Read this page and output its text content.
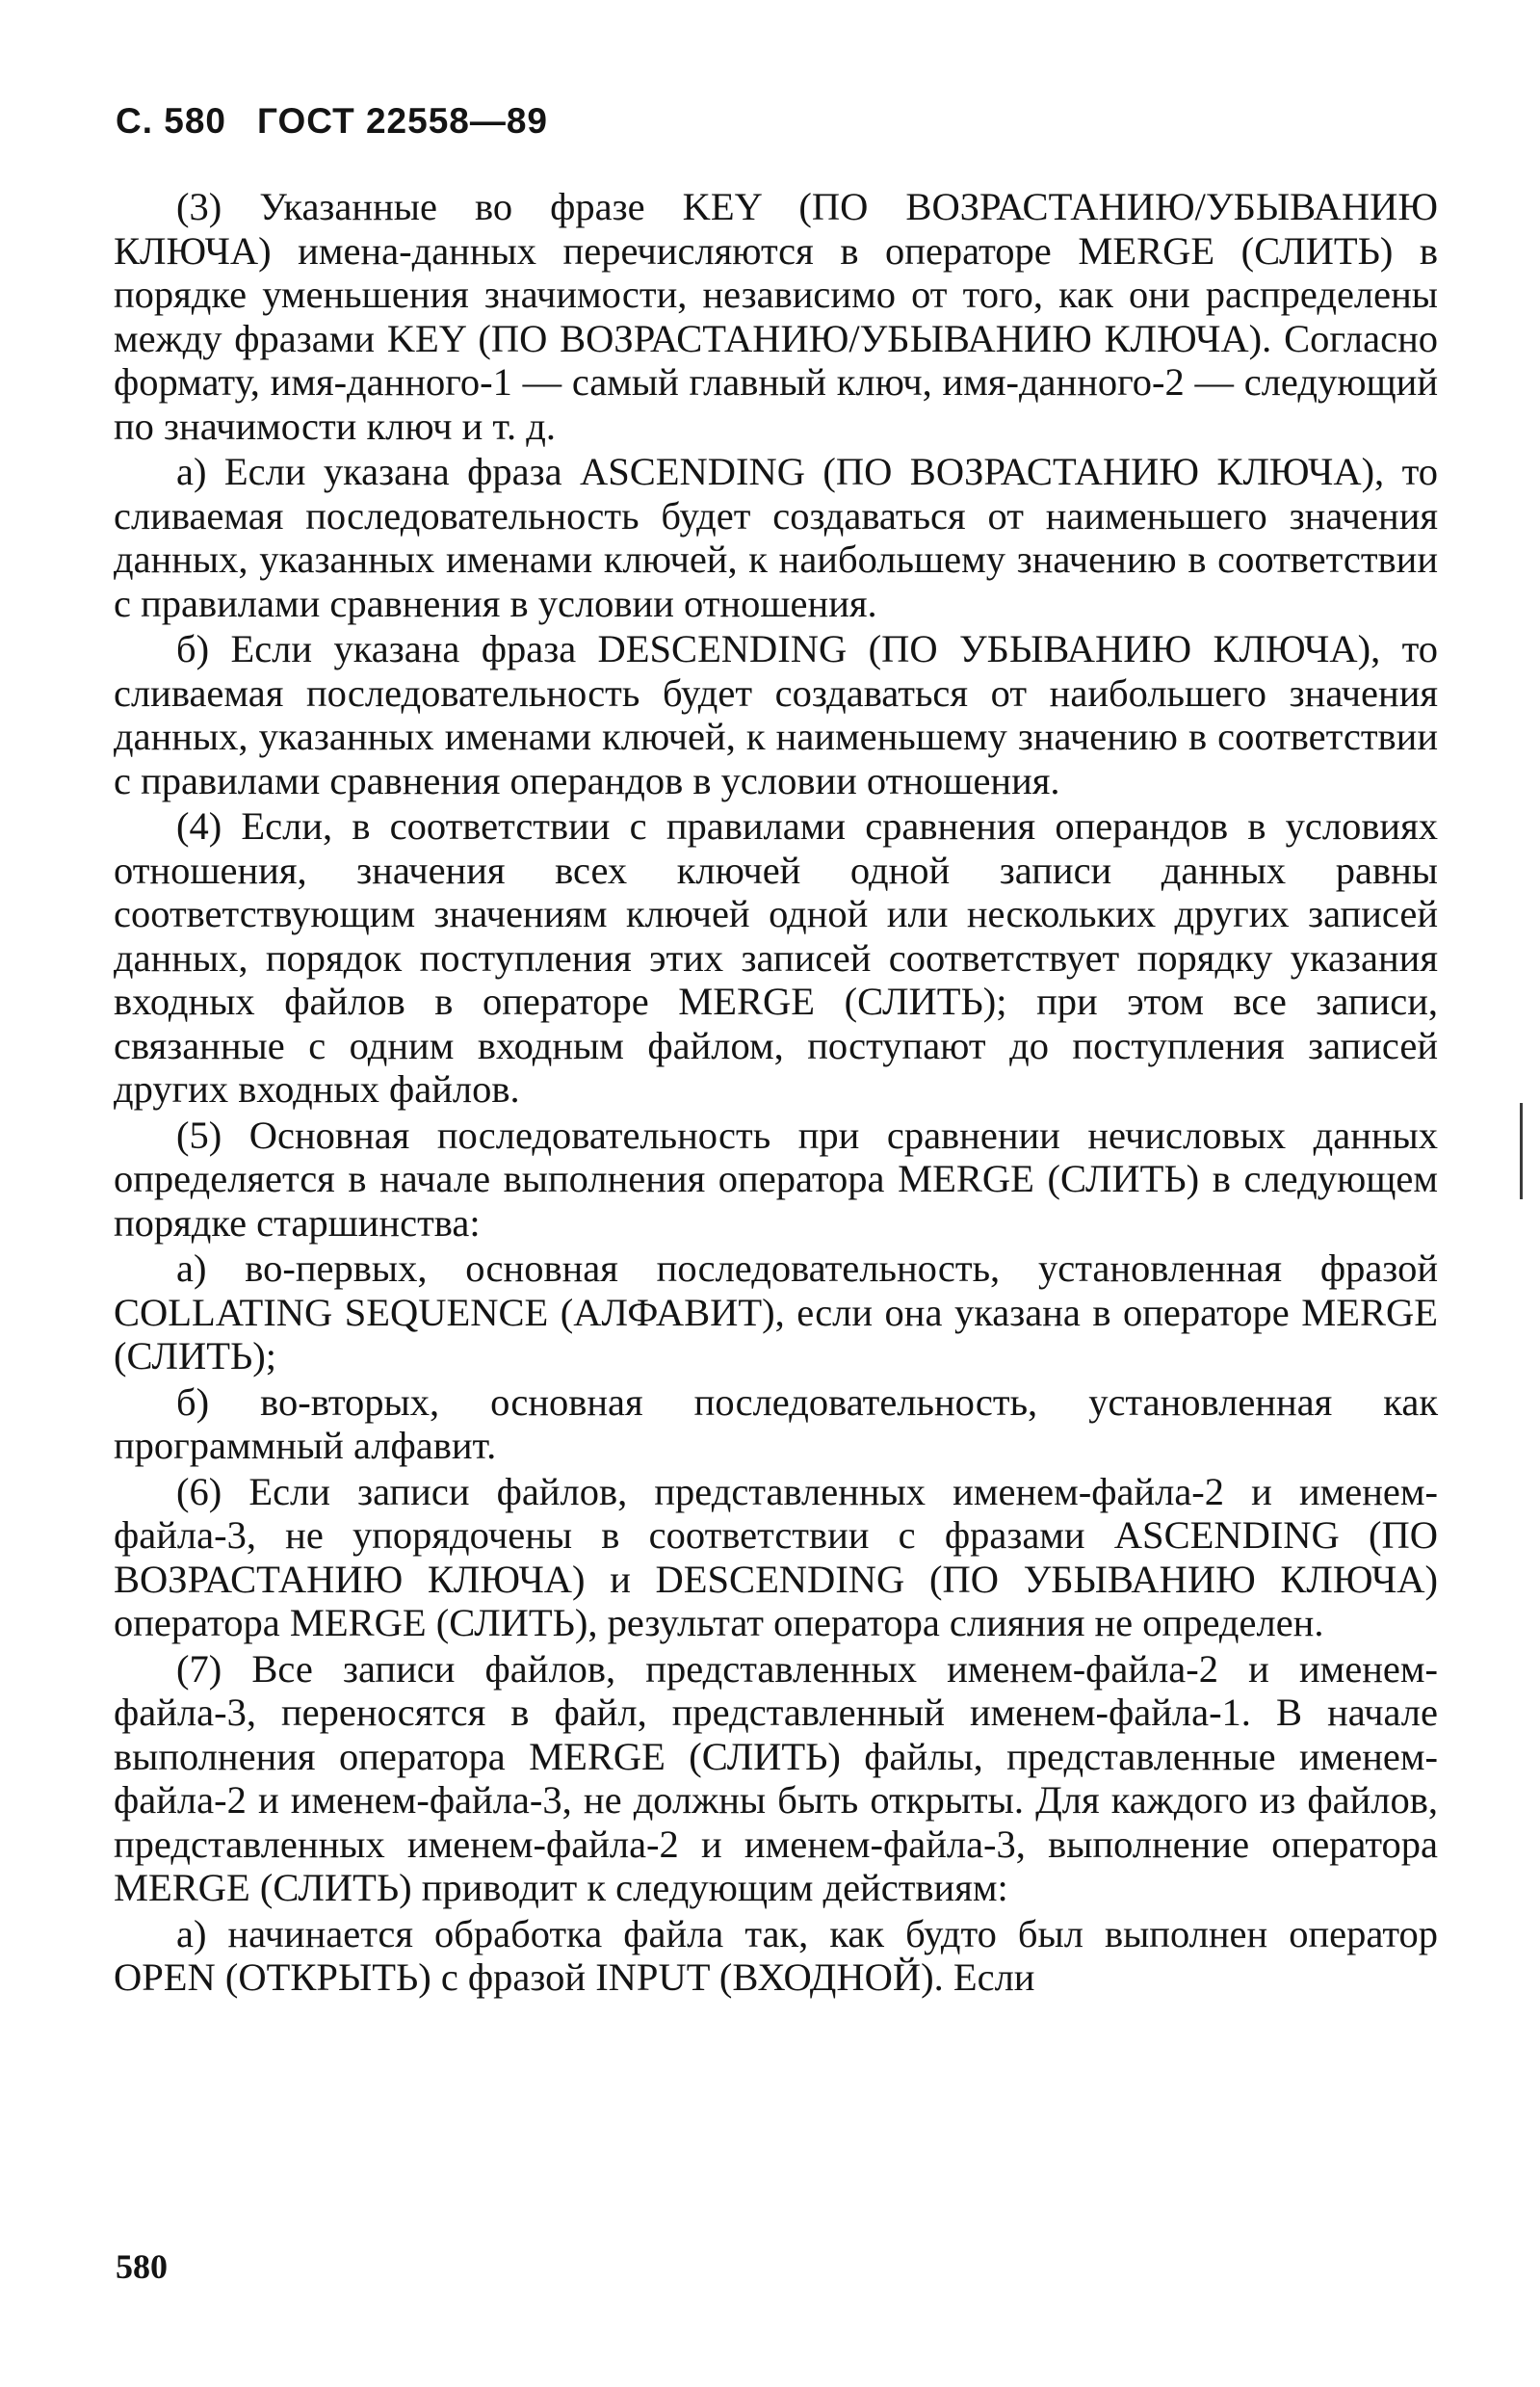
С. 580 ГОСТ 22558—89

(3) Указанные во фразе KEY (ПО ВОЗРАСТАНИЮ/УБЫВАНИЮ КЛЮЧА) имена-данных перечисляются в операторе MERGE (СЛИТЬ) в порядке уменьшения значимости, независимо от того, как они распределены между фразами KEY (ПО ВОЗРАСТАНИЮ/УБЫВАНИЮ КЛЮЧА). Согласно формату, имя-данного-1 — самый главный ключ, имя-данного-2 — следующий по значимости ключ и т. д.

а) Если указана фраза ASCENDING (ПО ВОЗРАСТАНИЮ КЛЮЧА), то сливаемая последовательность будет создаваться от наименьшего значения данных, указанных именами ключей, к наибольшему значению в соответствии с правилами сравнения в условии отношения.

б) Если указана фраза DESCENDING (ПО УБЫВАНИЮ КЛЮЧА), то сливаемая последовательность будет создаваться от наибольшего значения данных, указанных именами ключей, к наименьшему значению в соответствии с правилами сравнения операндов в условии отношения.

(4) Если, в соответствии с правилами сравнения операндов в условиях отношения, значения всех ключей одной записи данных равны соответствующим значениям ключей одной или нескольких других записей данных, порядок поступления этих записей соответствует порядку указания входных файлов в операторе MERGE (СЛИТЬ); при этом все записи, связанные с одним входным файлом, поступают до поступления записей других входных файлов.

(5) Основная последовательность при сравнении нечисловых данных определяется в начале выполнения оператора MERGE (СЛИТЬ) в следующем порядке старшинства:

а) во-первых, основная последовательность, установленная фразой COLLATING SEQUENCE (АЛФАВИТ), если она указана в операторе MERGE (СЛИТЬ);

б) во-вторых, основная последовательность, установленная как программный алфавит.

(6) Если записи файлов, представленных именем-файла-2 и именем-файла-3, не упорядочены в соответствии с фразами ASCENDING (ПО ВОЗРАСТАНИЮ КЛЮЧА) и DESCENDING (ПО УБЫВАНИЮ КЛЮЧА) оператора MERGE (СЛИТЬ), результат оператора слияния не определен.

(7) Все записи файлов, представленных именем-файла-2 и именем-файла-3, переносятся в файл, представленный именем-файла-1. В начале выполнения оператора MERGE (СЛИТЬ) файлы, представленные именем-файла-2 и именем-файла-3, не должны быть открыты. Для каждого из файлов, представленных именем-файла-2 и именем-файла-3, выполнение оператора MERGE (СЛИТЬ) приводит к следующим действиям:

а) начинается обработка файла так, как будто был выполнен оператор OPEN (ОТКРЫТЬ) с фразой INPUT (ВХОДНОЙ). Если

580
